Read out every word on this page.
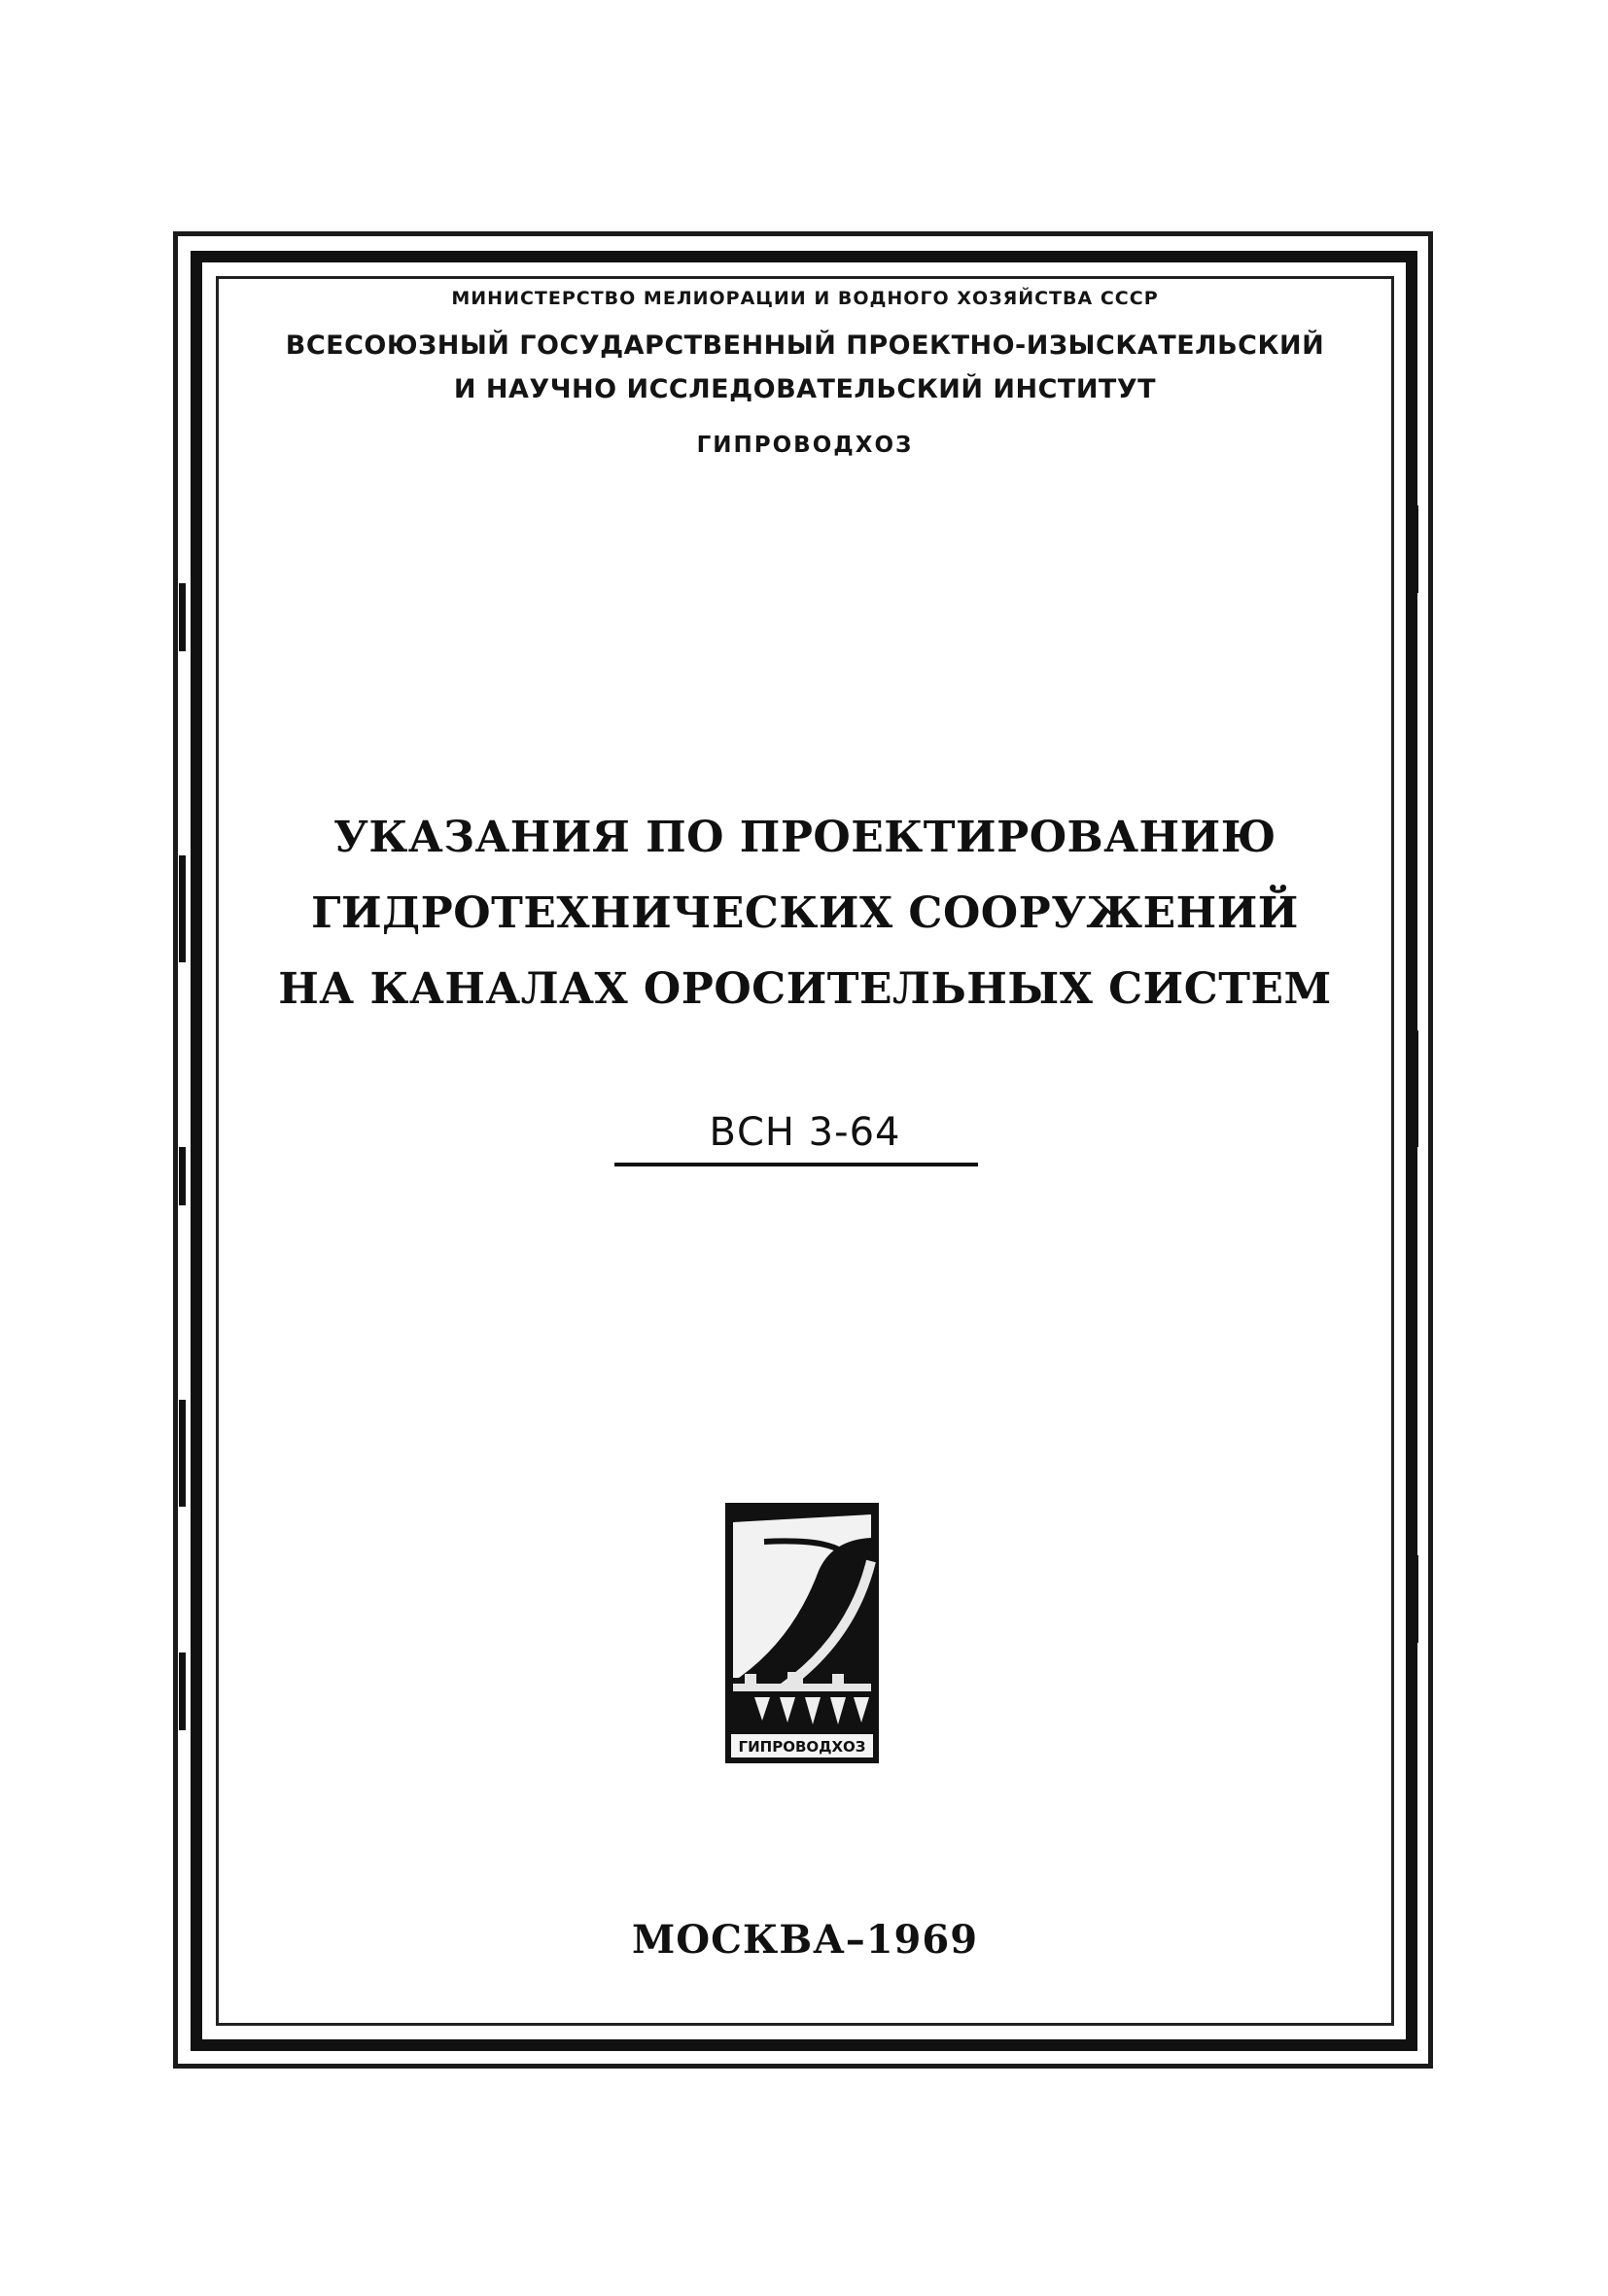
МИНИСТЕРСТВО МЕЛИОРАЦИИ И ВОДНОГО ХОЗЯЙСТВА СССР
ВСЕСОЮЗНЫЙ ГОСУДАРСТВЕННЫЙ ПРОЕКТНО-ИЗЫСКАТЕЛЬСКИЙ
И НАУЧНО ИССЛЕДОВАТЕЛЬСКИЙ ИНСТИТУТ
ГИПРОВОДХОЗ
УКАЗАНИЯ ПО ПРОЕКТИРОВАНИЮ
ГИДРОТЕХНИЧЕСКИХ СООРУЖЕНИЙ
НА КАНАЛАХ ОРОСИТЕЛЬНЫХ СИСТЕМ
ВСН 3-64
ГИПРОВОДХОЗ
МОСКВА–1969
